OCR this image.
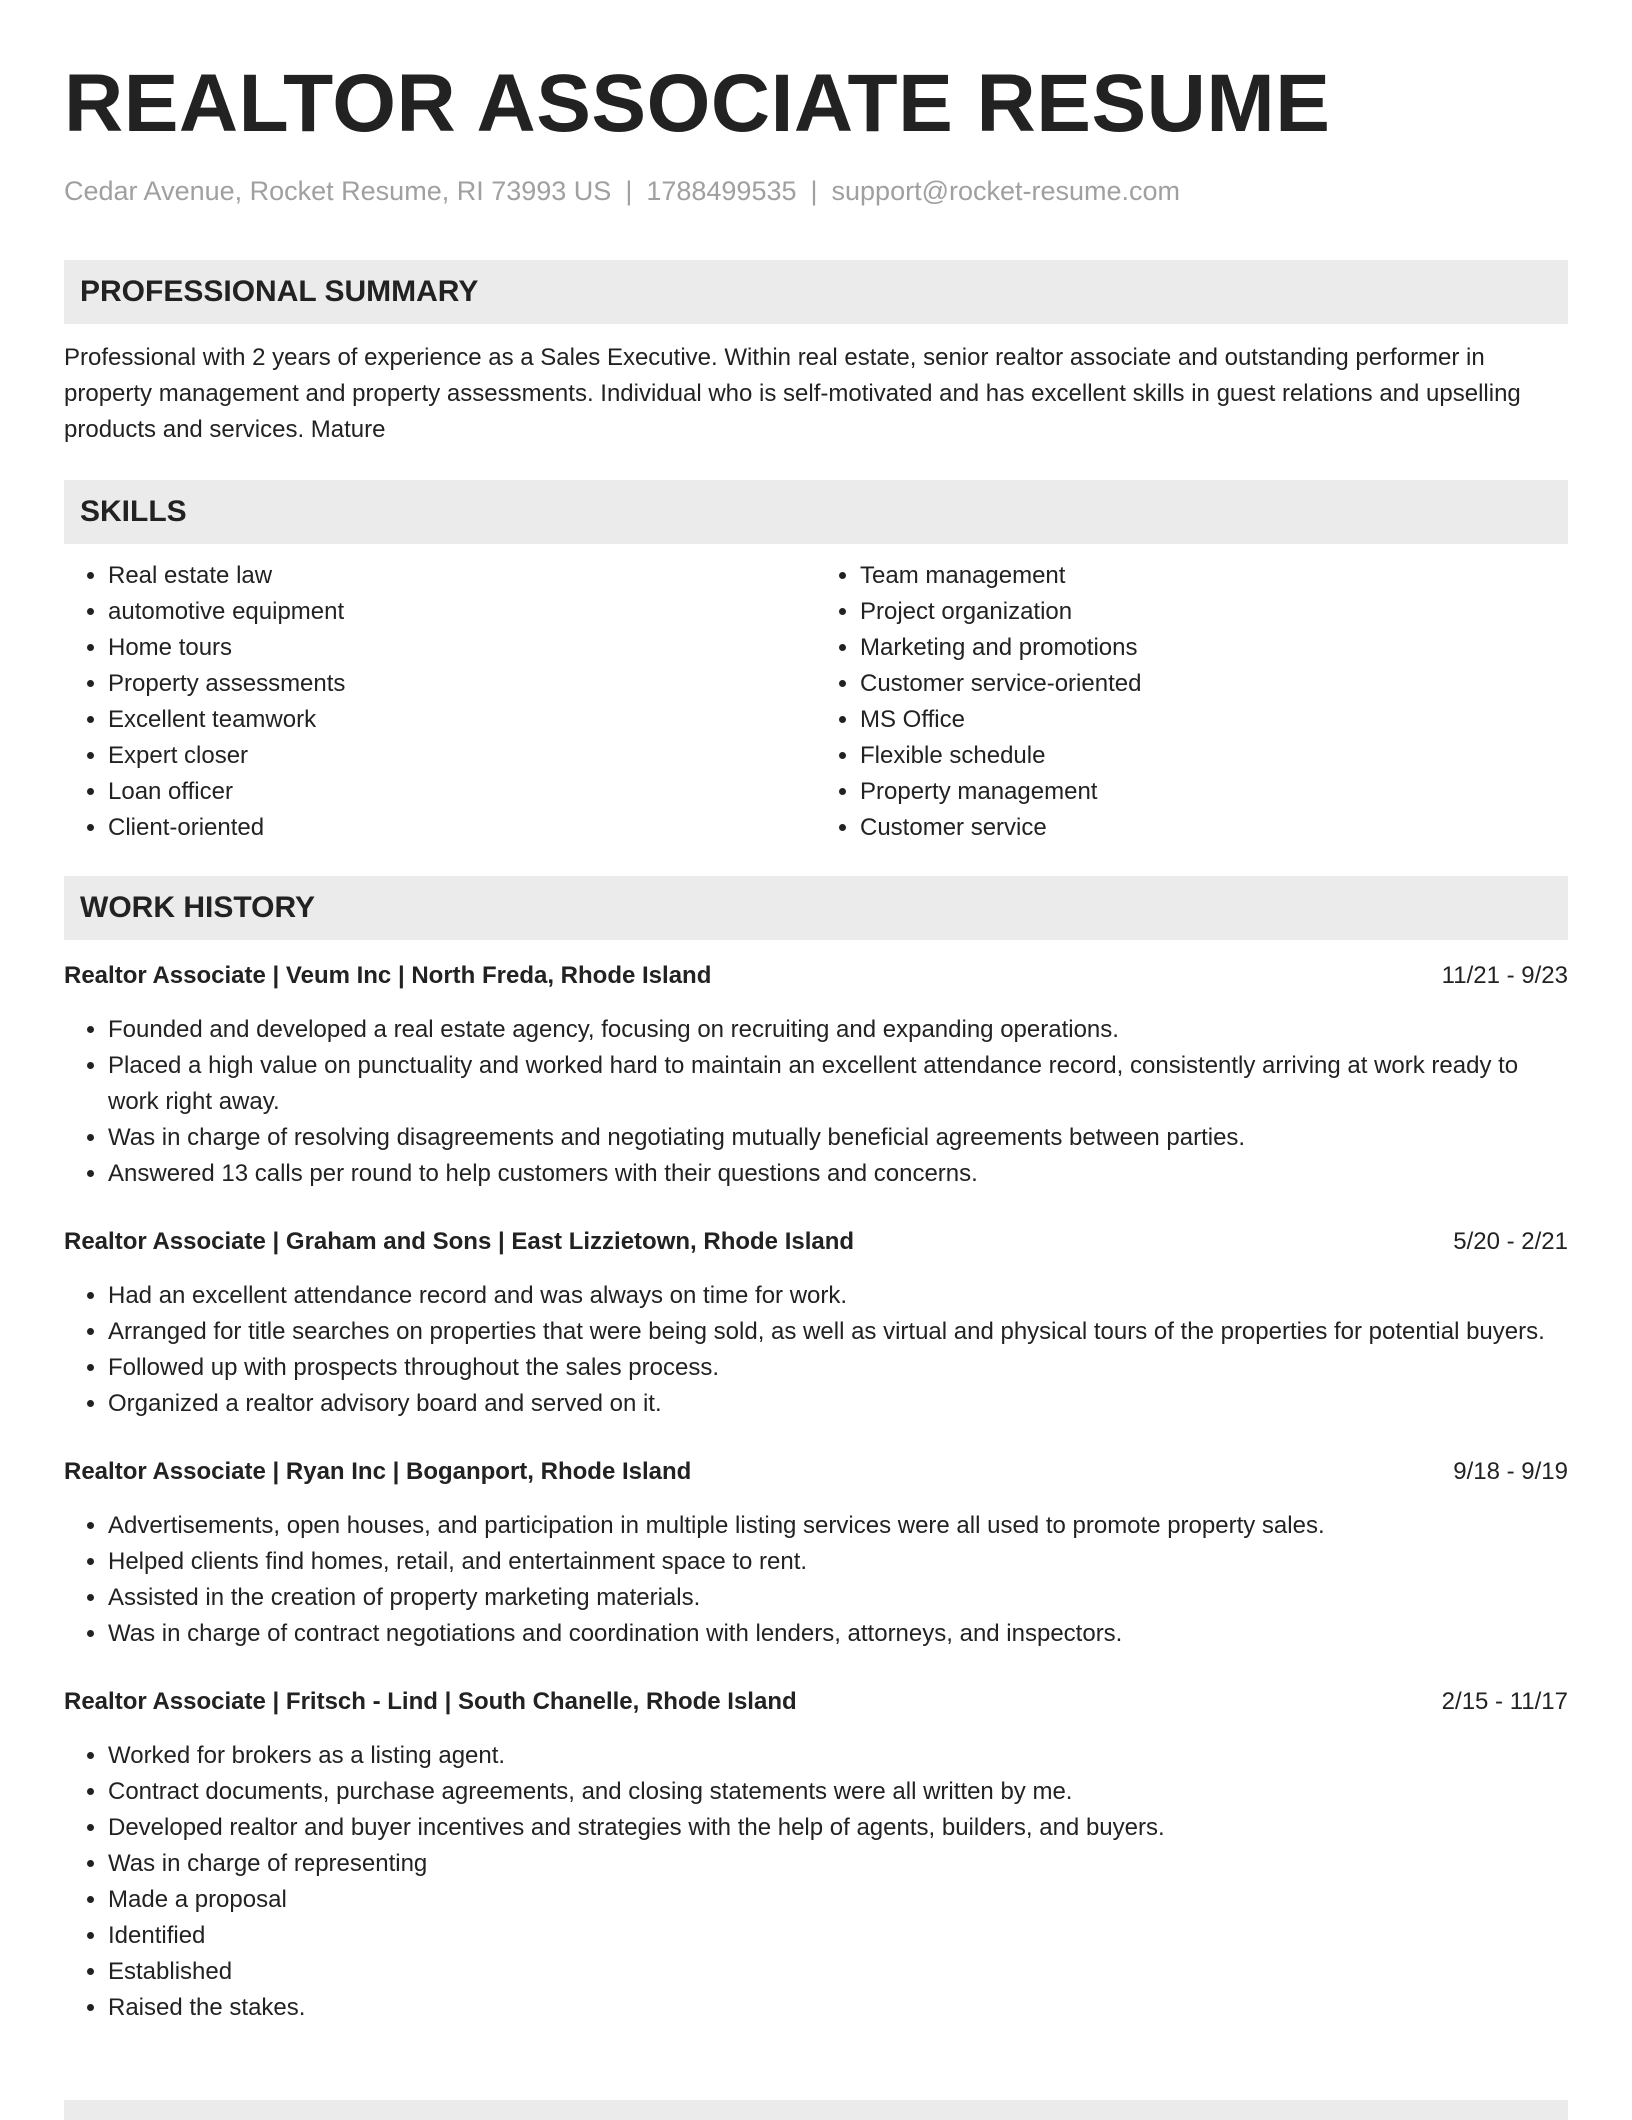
REALTOR ASSOCIATE RESUME
Cedar Avenue, Rocket Resume, RI 73993 US | 1788499535 | support@rocket-resume.com
PROFESSIONAL SUMMARY

Professional with 2 years of experience as a Sales Executive. Within real estate, senior realtor associate and outstanding performer in property management and property assessments. Individual who is self-motivated and has excellent skills in guest relations and upselling products and services. Mature

SKILLS
• Real estate law
• automotive equipment
• Home tours
• Property assessments
• Excellent teamwork
• Expert closer
• Loan officer
• Client-oriented
• Team management
• Project organization
• Marketing and promotions
• Customer service-oriented
• MS Office
• Flexible schedule
• Property management
• Customer service
WORK HISTORY
Realtor Associate | Veum Inc | North Freda, Rhode Island	11/21 - 9/23
• Founded and developed a real estate agency, focusing on recruiting and expanding operations.
• Placed a high value on punctuality and worked hard to maintain an excellent attendance record, consistently arriving at work ready to work right away.
• Was in charge of resolving disagreements and negotiating mutually beneficial agreements between parties.
• Answered 13 calls per round to help customers with their questions and concerns.
Realtor Associate | Graham and Sons | East Lizzietown, Rhode Island	5/20 - 2/21
• Had an excellent attendance record and was always on time for work.
• Arranged for title searches on properties that were being sold, as well as virtual and physical tours of the properties for potential buyers.
• Followed up with prospects throughout the sales process.
• Organized a realtor advisory board and served on it.
Realtor Associate | Ryan Inc | Boganport, Rhode Island	9/18 - 9/19
• Advertisements, open houses, and participation in multiple listing services were all used to promote property sales.
• Helped clients find homes, retail, and entertainment space to rent.
• Assisted in the creation of property marketing materials.
• Was in charge of contract negotiations and coordination with lenders, attorneys, and inspectors.
Realtor Associate | Fritsch - Lind | South Chanelle, Rhode Island	2/15 - 11/17
• Worked for brokers as a listing agent.
• Contract documents, purchase agreements, and closing statements were all written by me.
• Developed realtor and buyer incentives and strategies with the help of agents, builders, and buyers.
• Was in charge of representing
• Made a proposal
• Identified
• Established
• Raised the stakes.
